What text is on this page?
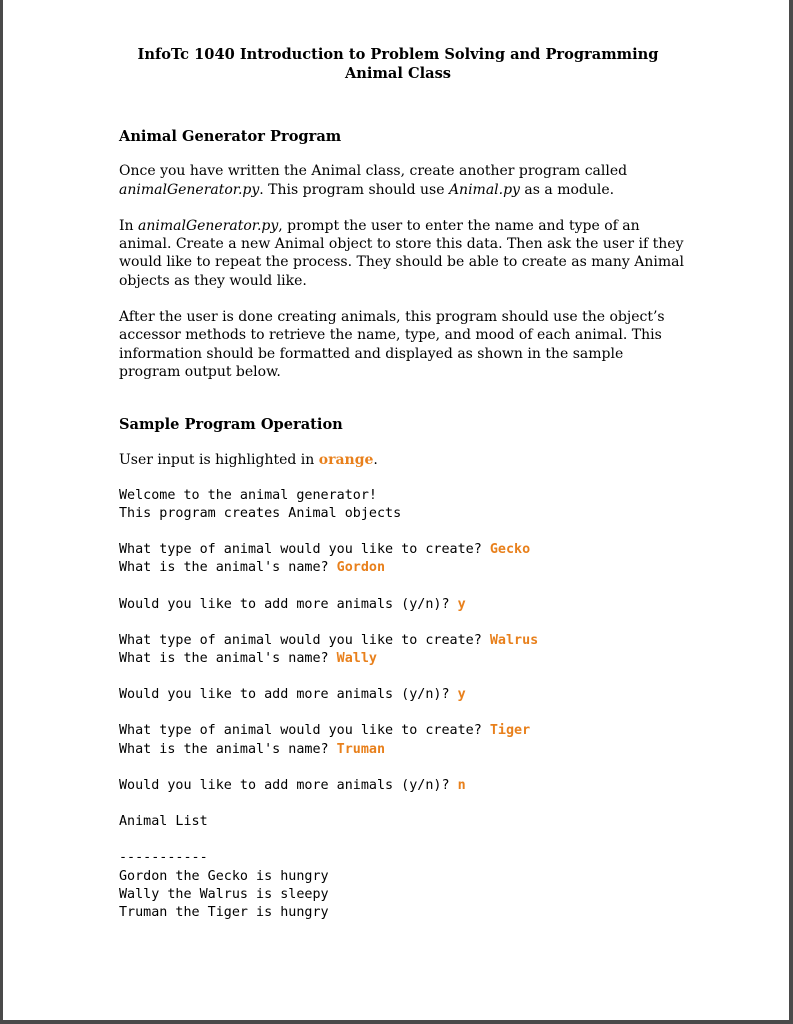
InfoTc 1040 Introduction to Problem Solving and Programming
Animal Class

Animal Generator Program

Once you have written the Animal class, create another program called animalGenerator.py. This program should use Animal.py as a module.

In animalGenerator.py, prompt the user to enter the name and type of an animal. Create a new Animal object to store this data. Then ask the user if they would like to repeat the process. They should be able to create as many Animal objects as they would like.

After the user is done creating animals, this program should use the object’s accessor methods to retrieve the name, type, and mood of each animal. This information should be formatted and displayed as shown in the sample program output below.

Sample Program Operation

User input is highlighted in orange.

Welcome to the animal generator!
This program creates Animal objects
What type of animal would you like to create? Gecko
What is the animal's name? Gordon
Would you like to add more animals (y/n)? y
What type of animal would you like to create? Walrus
What is the animal's name? Wally
Would you like to add more animals (y/n)? y
What type of animal would you like to create? Tiger
What is the animal's name? Truman
Would you like to add more animals (y/n)? n
Animal List
-----------
Gordon the Gecko is hungry
Wally the Walrus is sleepy
Truman the Tiger is hungry
